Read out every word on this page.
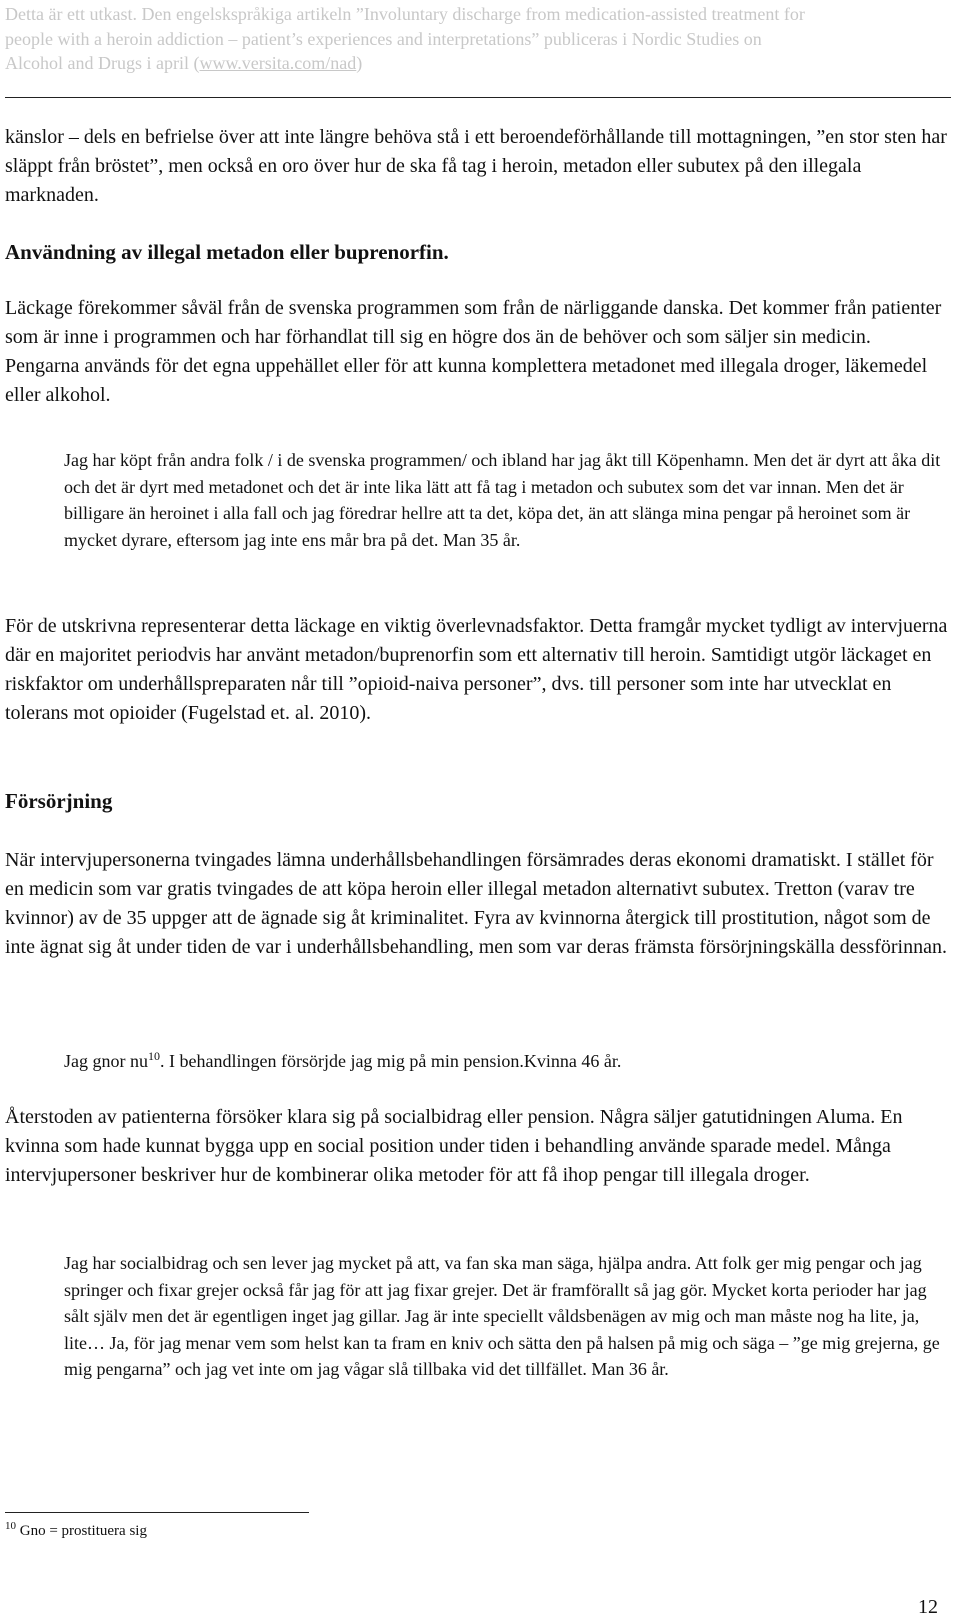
Detta är ett utkast. Den engelskspråkiga artikeln ”Involuntary discharge from medication-assisted treatment for
people with a heroin addiction – patient’s experiences and interpretations” publiceras i Nordic Studies on
Alcohol and Drugs i april (www.versita.com/nad)
känslor – dels en befrielse över att inte längre behöva stå i ett beroendeförhållande till mottagningen, ”en stor sten har släppt från bröstet”, men också en oro över hur de ska få tag i heroin, metadon eller subutex på den illegala marknaden.
Användning av illegal metadon eller buprenorfin.
Läckage förekommer såväl från de svenska programmen som från de närliggande danska. Det kommer från patienter som är inne i programmen och har förhandlat till sig en högre dos än de behöver och som säljer sin medicin. Pengarna används för det egna uppehället eller för att kunna komplettera metadonet med illegala droger, läkemedel eller alkohol.
Jag har köpt från andra folk / i de svenska programmen/ och ibland har jag åkt till Köpenhamn. Men det är dyrt att åka dit och det är dyrt med metadonet och det är inte lika lätt att få tag i metadon och subutex som det var innan. Men det är billigare än heroinet i alla fall och jag föredrar hellre att ta det, köpa det, än att slänga mina pengar på heroinet som är mycket dyrare, eftersom jag inte ens mår bra på det. Man 35 år.
För de utskrivna representerar detta läckage en viktig överlevnadsfaktor. Detta framgår mycket tydligt av intervjuerna där en majoritet periodvis har använt metadon/buprenorfin som ett alternativ till heroin. Samtidigt utgör läckaget en riskfaktor om underhållspreparaten når till ”opioid-naiva personer”, dvs. till personer som inte har utvecklat en tolerans mot opioider (Fugelstad et. al. 2010).
Försörjning
När intervjupersonerna tvingades lämna underhållsbehandlingen försämrades deras ekonomi dramatiskt. I stället för en medicin som var gratis tvingades de att köpa heroin eller illegal metadon alternativt subutex. Tretton (varav tre kvinnor) av de 35 uppger att de ägnade sig åt kriminalitet. Fyra av kvinnorna återgick till prostitution, något som de inte ägnat sig åt under tiden de var i underhållsbehandling, men som var deras främsta försörjningskälla dessförinnan.
Jag gnor $nu^{10}$. I behandlingen försörjde jag mig på min pension.Kvinna 46 år.
Återstoden av patienterna försöker klara sig på socialbidrag eller pension. Några säljer gatutidningen Aluma. En kvinna som hade kunnat bygga upp en social position under tiden i behandling använde sparade medel. Många intervjupersoner beskriver hur de kombinerar olika metoder för att få ihop pengar till illegala droger.
Jag har socialbidrag och sen lever jag mycket på att, va fan ska man säga, hjälpa andra. Att folk ger mig pengar och jag springer och fixar grejer också får jag för att jag fixar grejer. Det är framförallt så jag gör. Mycket korta perioder har jag sålt själv men det är egentligen inget jag gillar. Jag är inte speciellt våldsbenägen av mig och man måste nog ha lite, ja, lite… Ja, för jag menar vem som helst kan ta fram en kniv och sätta den på halsen på mig och säga – ”ge mig grejerna, ge mig pengarna” och jag vet inte om jag vågar slå tillbaka vid det tillfället. Man 36 år.
$^{10}$ Gno = prostituera sig
12
